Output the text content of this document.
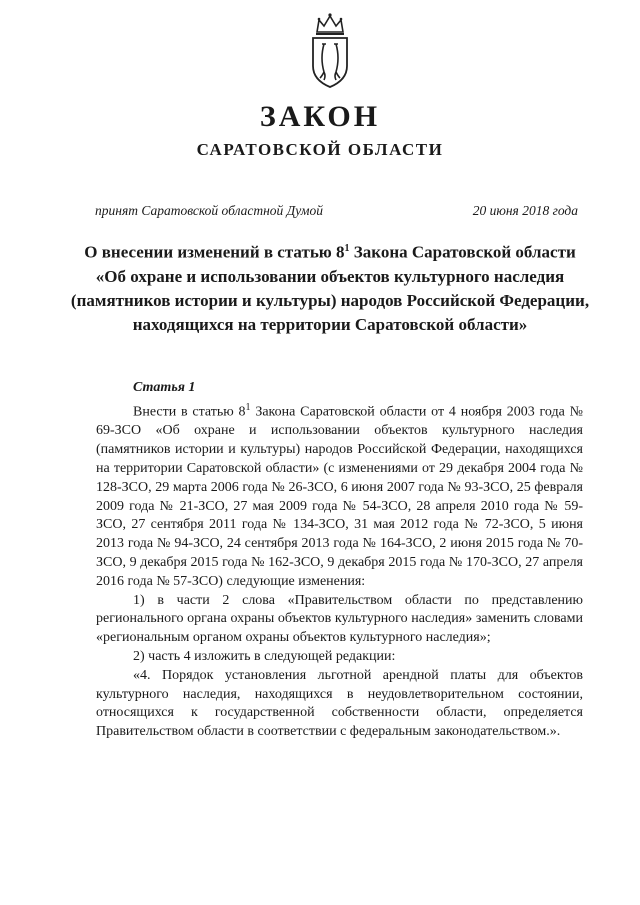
ЗАКОН
САРАТОВСКОЙ ОБЛАСТИ

принят Саратовской областной Думой	20 июня 2018 года

О внесении изменений в статью $8^1$ Закона Саратовской области «Об охране и использовании объектов культурного наследия (памятников истории и культуры) народов Российской Федерации, находящихся на территории Саратовской области»

Статья 1

Внести в статью $8^1$ Закона Саратовской области от 4 ноября 2003 года № 69-ЗСО «Об охране и использовании объектов культурного наследия (памятников истории и культуры) народов Российской Федерации, находящихся на территории Саратовской области» (с изменениями от 29 декабря 2004 года № 128-ЗСО, 29 марта 2006 года № 26-ЗСО, 6 июня 2007 года № 93-ЗСО, 25 февраля 2009 года № 21-ЗСО, 27 мая 2009 года № 54-ЗСО, 28 апреля 2010 года № 59-ЗСО, 27 сентября 2011 года № 134-ЗСО, 31 мая 2012 года № 72-ЗСО, 5 июня 2013 года № 94-ЗСО, 24 сентября 2013 года № 164-ЗСО, 2 июня 2015 года № 70-ЗСО, 9 декабря 2015 года № 162-ЗСО, 9 декабря 2015 года № 170-ЗСО, 27 апреля 2016 года № 57-ЗСО) следующие изменения:

1) в части 2 слова «Правительством области по представлению регионального органа охраны объектов культурного наследия» заменить словами «региональным органом охраны объектов культурного наследия»;

2) часть 4 изложить в следующей редакции:

«4. Порядок установления льготной арендной платы для объектов культурного наследия, находящихся в неудовлетворительном состоянии, относящихся к государственной собственности области, определяется Правительством области в соответствии с федеральным законодательством.».
